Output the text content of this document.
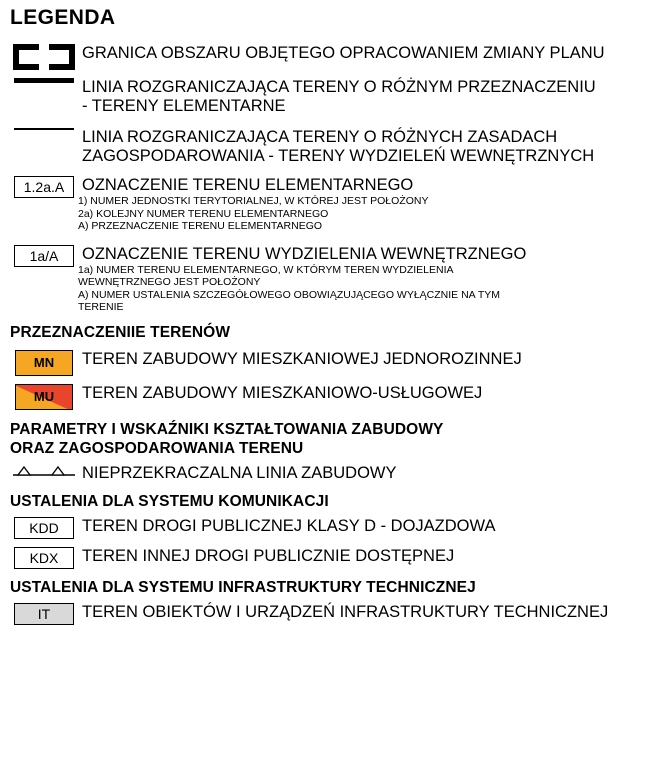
LEGENDA
GRANICA OBSZARU OBJĘTEGO OPRACOWANIEM ZMIANY PLANU
LINIA ROZGRANICZAJĄCA TERENY O RÓŻNYM PRZEZNACZENIU
- TERENY ELEMENTARNE
LINIA ROZGRANICZAJĄCA TERENY O RÓŻNYCH ZASADACH
ZAGOSPODAROWANIA - TERENY WYDZIELEŃ WEWNĘTRZNYCH
1.2a.A	OZNACZENIE TERENU ELEMENTARNEGO
1) NUMER JEDNOSTKI TERYTORIALNEJ, W KTÓREJ JEST POŁOŻONY
2a) KOLEJNY NUMER TERENU ELEMENTARNEGO
A) PRZEZNACZENIE TERENU ELEMENTARNEGO
1a/A	OZNACZENIE TERENU WYDZIELENIA WEWNĘTRZNEGO
1a) NUMER TERENU ELEMENTARNEGO, W KTÓRYM TEREN WYDZIELENIA
WEWNĘTRZNEGO JEST POŁOŻONY
A) NUMER USTALENIA SZCZEGÓŁOWEGO OBOWIĄZUJĄCEGO WYŁĄCZNIE NA TYM
TERENIE
PRZEZNACZENIIE TERENÓW
MN TEREN ZABUDOWY MIESZKANIOWEJ JEDNOROZINNEJ
MU TEREN ZABUDOWY MIESZKANIOWO-USŁUGOWEJ
PARAMETRY I WSKAŹNIKI KSZTAŁTOWANIA ZABUDOWY
ORAZ ZAGOSPODAROWANIA TERENU
NIEPRZEKRACZALNA LINIA ZABUDOWY
USTALENIA DLA SYSTEMU KOMUNIKACJI
KDD	TEREN DROGI PUBLICZNEJ KLASY D - DOJAZDOWA
KDX	TEREN INNEJ DROGI PUBLICZNIE DOSTĘPNEJ
USTALENIA DLA SYSTEMU INFRASTRUKTURY TECHNICZNEJ
IT	TEREN OBIEKTÓW I URZĄDZEŃ INFRASTRUKTURY TECHNICZNEJ
